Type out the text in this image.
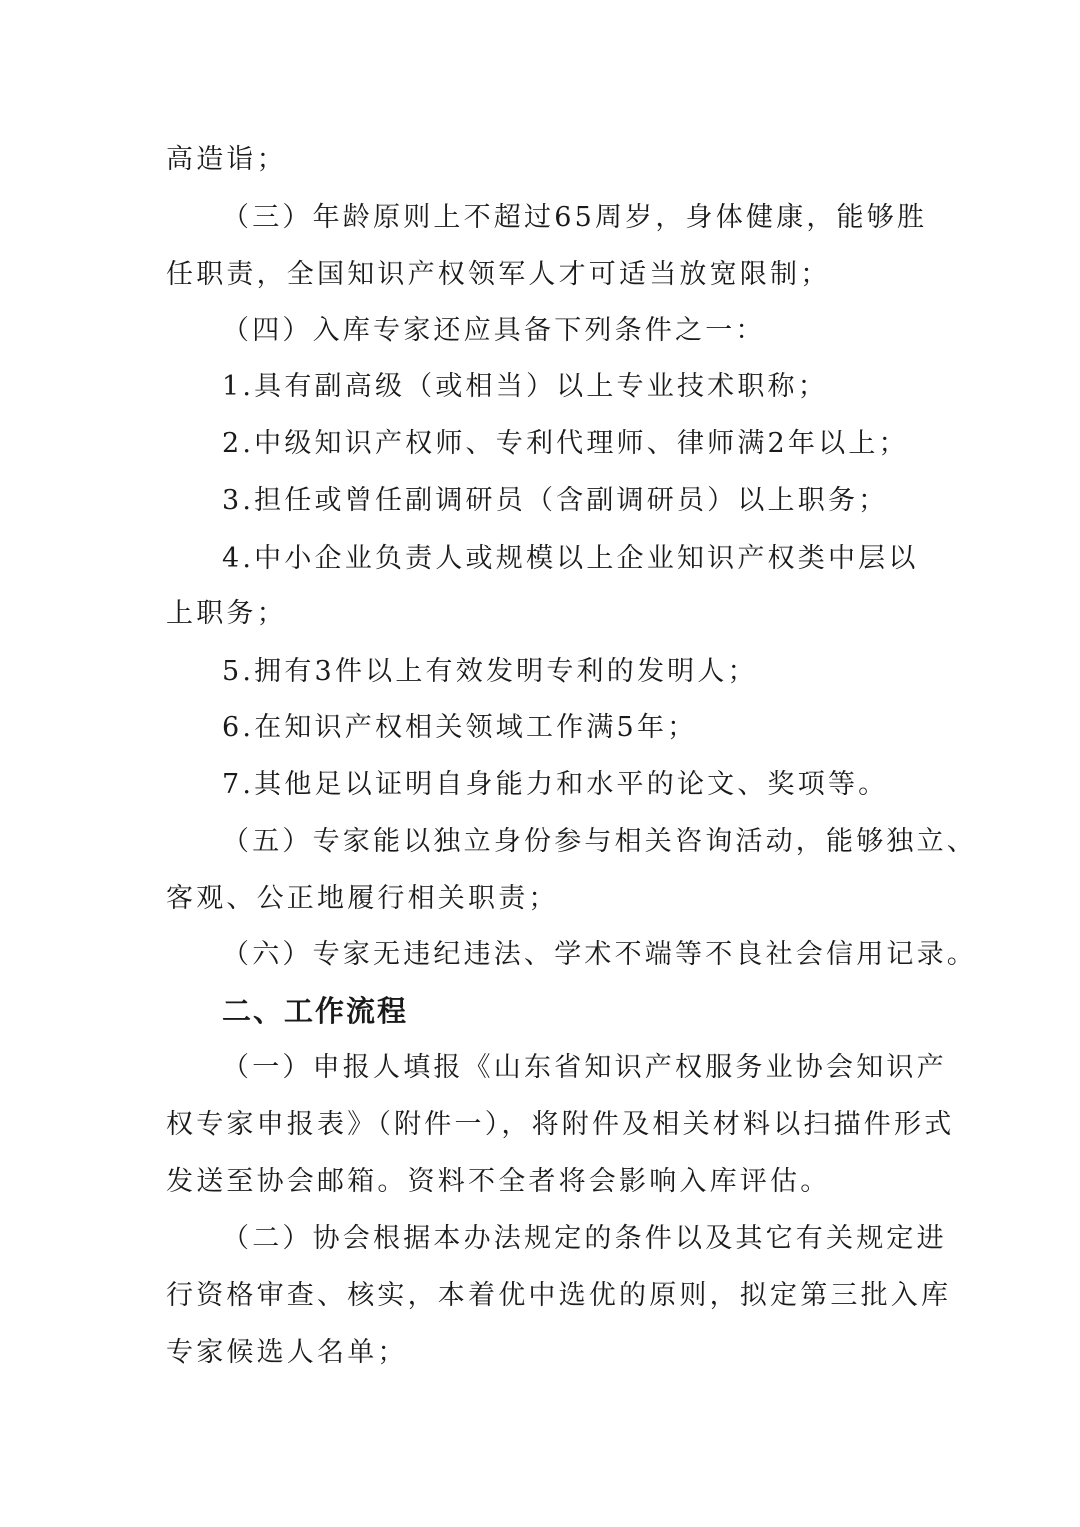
高造诣；
（三）年龄原则上不超过65周岁，身体健康，能够胜
任职责，全国知识产权领军人才可适当放宽限制；
（四）入库专家还应具备下列条件之一：
1.具有副高级（或相当）以上专业技术职称；
2.中级知识产权师、专利代理师、律师满2年以上；
3.担任或曾任副调研员（含副调研员）以上职务；
4.中小企业负责人或规模以上企业知识产权类中层以
上职务；
5.拥有3件以上有效发明专利的发明人；
6.在知识产权相关领域工作满5年；
7.其他足以证明自身能力和水平的论文、奖项等。
（五）专家能以独立身份参与相关咨询活动，能够独立、
客观、公正地履行相关职责；
（六）专家无违纪违法、学术不端等不良社会信用记录。
二、工作流程
（一）申报人填报《山东省知识产权服务业协会知识产
权专家申报表》（附件一），将附件及相关材料以扫描件形式
发送至协会邮箱。资料不全者将会影响入库评估。
（二）协会根据本办法规定的条件以及其它有关规定进
行资格审查、核实，本着优中选优的原则，拟定第三批入库
专家候选人名单；
